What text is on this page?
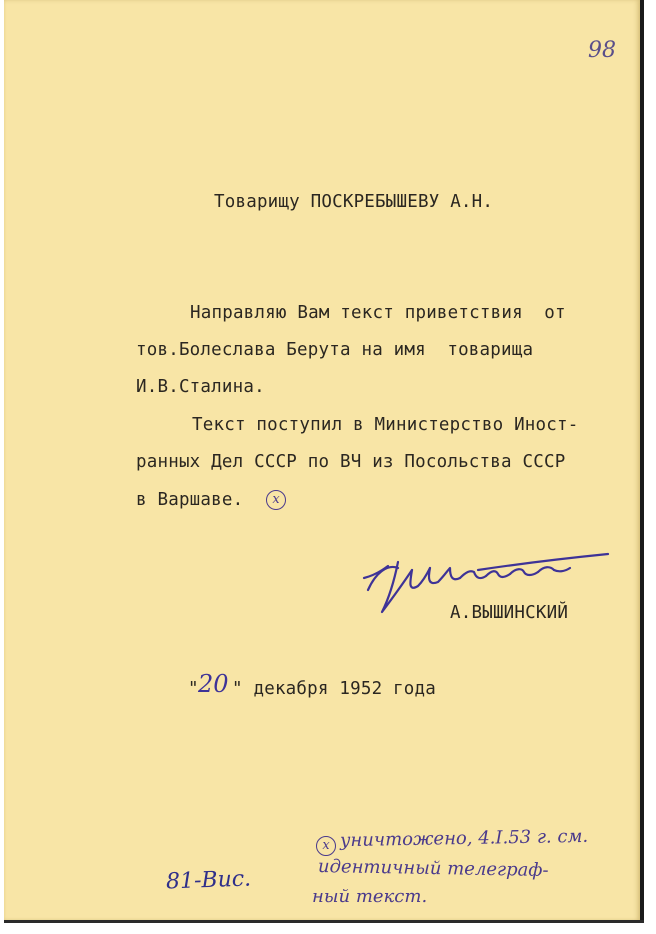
98
Товарищу ПОСКРЕБЫШЕВУ А.Н.
Направляю Вам текст приветствия  от
тов.Болеслава Берута на имя  товарища
И.В.Сталина.
Текст поступил в Министерство Иност-
ранных Дел СССР по ВЧ из Посольства СССР
в Варшаве.	x
А.ВЫШИНСКИЙ
" 20 " декабря 1952 года
81-Вис.
x уничтожено, 4.I.53 г. см.
идентичный телеграф-
ный текст.
